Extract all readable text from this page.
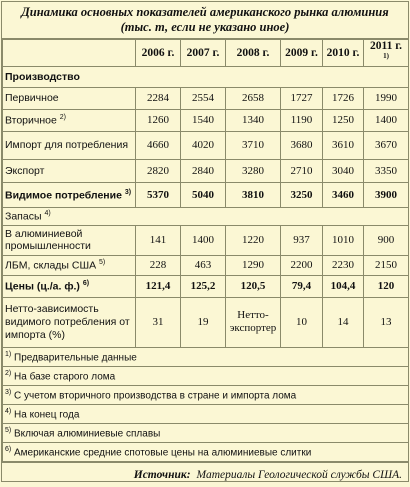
Динамика основных показателей американского рынка алюминия
(тыс. т, если не указано иное)
	2006 г.	2007 г.	2008 г.	2009 г.	2010 г.	2011 г. $^{1)}$
Производство						
Первичное	2284	2554	2658	1727	1726	1990
Вторичное $^{2)}$	1260	1540	1340	1190	1250	1400
Импорт для потребления	4660	4020	3710	3680	3610	3670
Экспорт	2820	2840	3280	2710	3040	3350
Видимое потребление $^{3)}$	5370	5040	3810	3250	3460	3900
Запасы $^{4)}$
В алюминиевой промышленности	141	1400	1220	937	1010	900
ЛБМ, склады США $^{5)}$	228	463	1290	2200	2230	2150
Цены (ц./a. ф.) $^{6)}$	121,4	125,2	120,5	79,4	104,4	120
Нетто-зависимость видимого потребления от импорта (%)	31	19	Нетто-экспортер	10	14	13
$^{1)}$ Предварительные данные						
$^{2)}$ На базе старого лома						
$^{3)}$ С учетом вторичного производства в стране и импорта лома						
$^{4)}$ На конец года						
$^{5)}$ Включая алюминиевые сплавы						
$^{6)}$ Американские средние спотовые цены на алюминиевые слитки						
Источник: Материалы Геологической службы США.
